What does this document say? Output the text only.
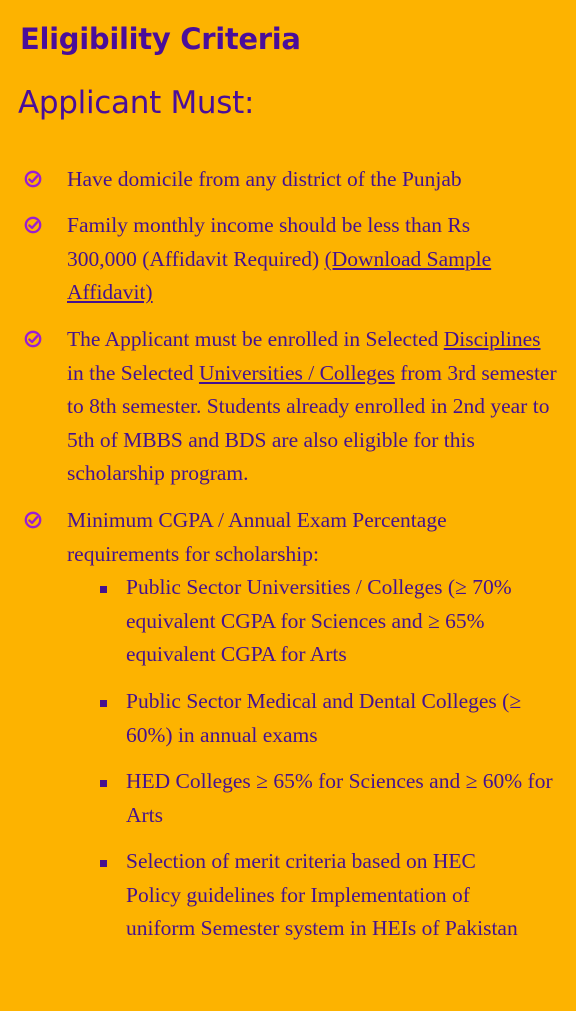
Eligibility Criteria
Applicant Must:
Have domicile from any district of the Punjab
Family monthly income should be less than Rs 300,000 (Affidavit Required) (Download Sample Affidavit)
The Applicant must be enrolled in Selected Disciplines in the Selected Universities / Colleges from 3rd semester to 8th semester. Students already enrolled in 2nd year to 5th of MBBS and BDS are also eligible for this scholarship program.
Minimum CGPA / Annual Exam Percentage requirements for scholarship:
Public Sector Universities / Colleges (≥ 70% equivalent CGPA for Sciences and ≥ 65% equivalent CGPA for Arts
Public Sector Medical and Dental Colleges (≥ 60%) in annual exams
HED Colleges ≥ 65% for Sciences and ≥ 60% for Arts
Selection of merit criteria based on HEC Policy guidelines for Implementation of uniform Semester system in HEIs of Pakistan
